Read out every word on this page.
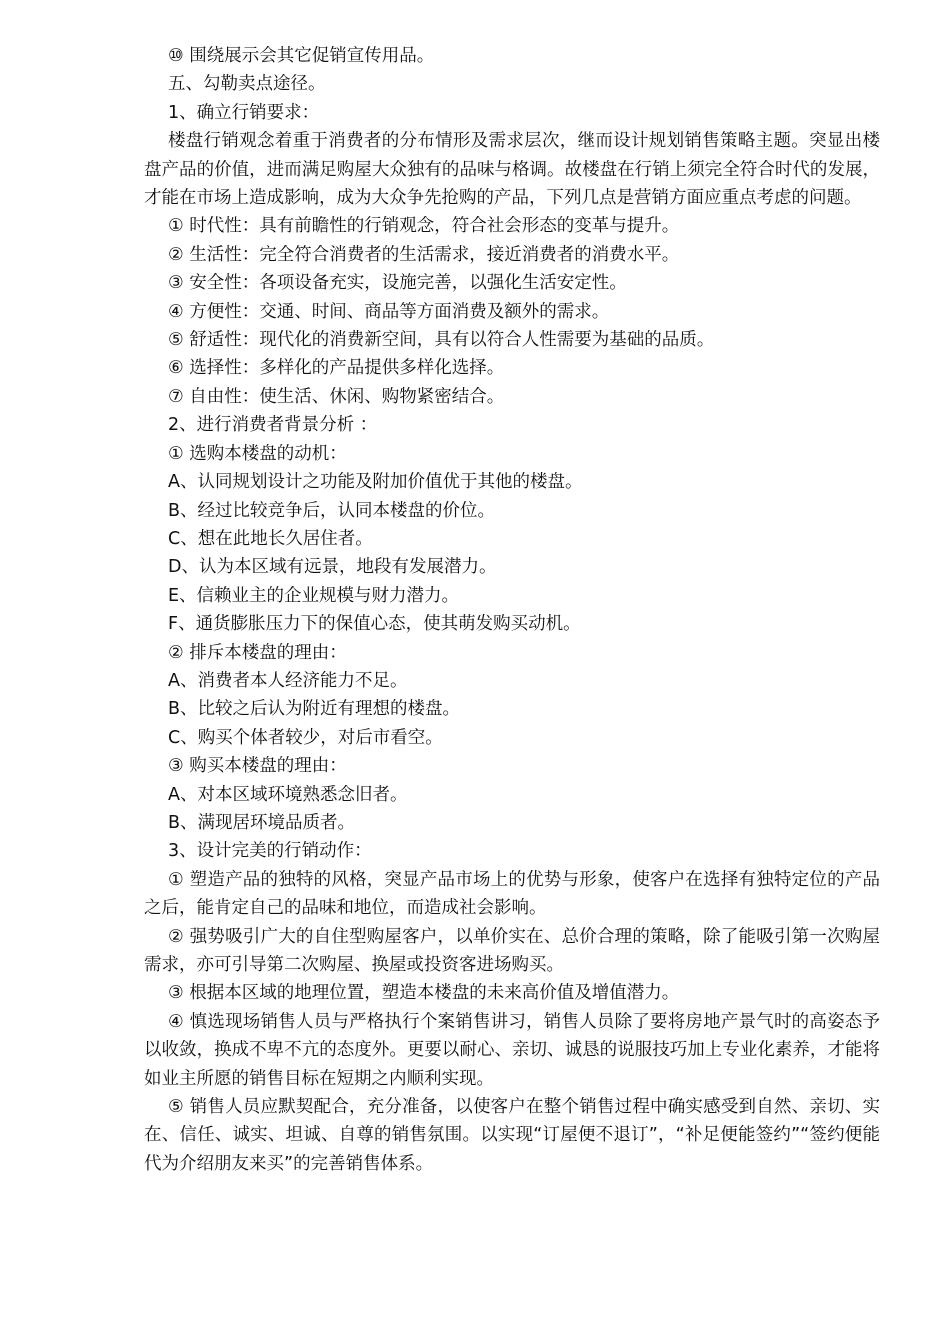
⑩ 围绕展示会其它促销宣传用品。

五、勾勒卖点途径。

1、确立行销要求：

楼盘行销观念着重于消费者的分布情形及需求层次，继而设计规划销售策略主题。突显出楼盘产品的价值，进而满足购屋大众独有的品味与格调。故楼盘在行销上须完全符合时代的发展，才能在市场上造成影响，成为大众争先抢购的产品，下列几点是营销方面应重点考虑的问题。

① 时代性：具有前瞻性的行销观念，符合社会形态的变革与提升。

② 生活性：完全符合消费者的生活需求，接近消费者的消费水平。

③ 安全性：各项设备充实，设施完善，以强化生活安定性。

④ 方便性：交通、时间、商品等方面消费及额外的需求。

⑤ 舒适性：现代化的消费新空间，具有以符合人性需要为基础的品质。

⑥ 选择性：多样化的产品提供多样化选择。

⑦ 自由性：使生活、休闲、购物紧密结合。

2、进行消费者背景分析 ：

① 选购本楼盘的动机：

A、认同规划设计之功能及附加价值优于其他的楼盘。

B、经过比较竞争后，认同本楼盘的价位。

C、想在此地长久居住者。

D、认为本区域有远景，地段有发展潜力。

E、信赖业主的企业规模与财力潜力。

F、通货膨胀压力下的保值心态，使其萌发购买动机。

② 排斥本楼盘的理由：

A、消费者本人经济能力不足。

B、比较之后认为附近有理想的楼盘。

C、购买个体者较少，对后市看空。

③ 购买本楼盘的理由：

A、对本区域环境熟悉念旧者。

B、满现居环境品质者。

3、设计完美的行销动作：

① 塑造产品的独特的风格，突显产品市场上的优势与形象，使客户在选择有独特定位的产品之后，能肯定自己的品味和地位，而造成社会影响。

② 强势吸引广大的自住型购屋客户，以单价实在、总价合理的策略，除了能吸引第一次购屋需求，亦可引导第二次购屋、换屋或投资客进场购买。

③ 根据本区域的地理位置，塑造本楼盘的未来高价值及增值潜力。

④ 慎选现场销售人员与严格执行个案销售讲习，销售人员除了要将房地产景气时的高姿态予以收敛，换成不卑不亢的态度外。更要以耐心、亲切、诚恳的说服技巧加上专业化素养，才能将如业主所愿的销售目标在短期之内顺利实现。

⑤ 销售人员应默契配合，充分准备，以使客户在整个销售过程中确实感受到自然、亲切、实在、信任、诚实、坦诚、自尊的销售氛围。以实现“订屋便不退订”，“补足便能签约”“签约便能代为介绍朋友来买”的完善销售体系。
